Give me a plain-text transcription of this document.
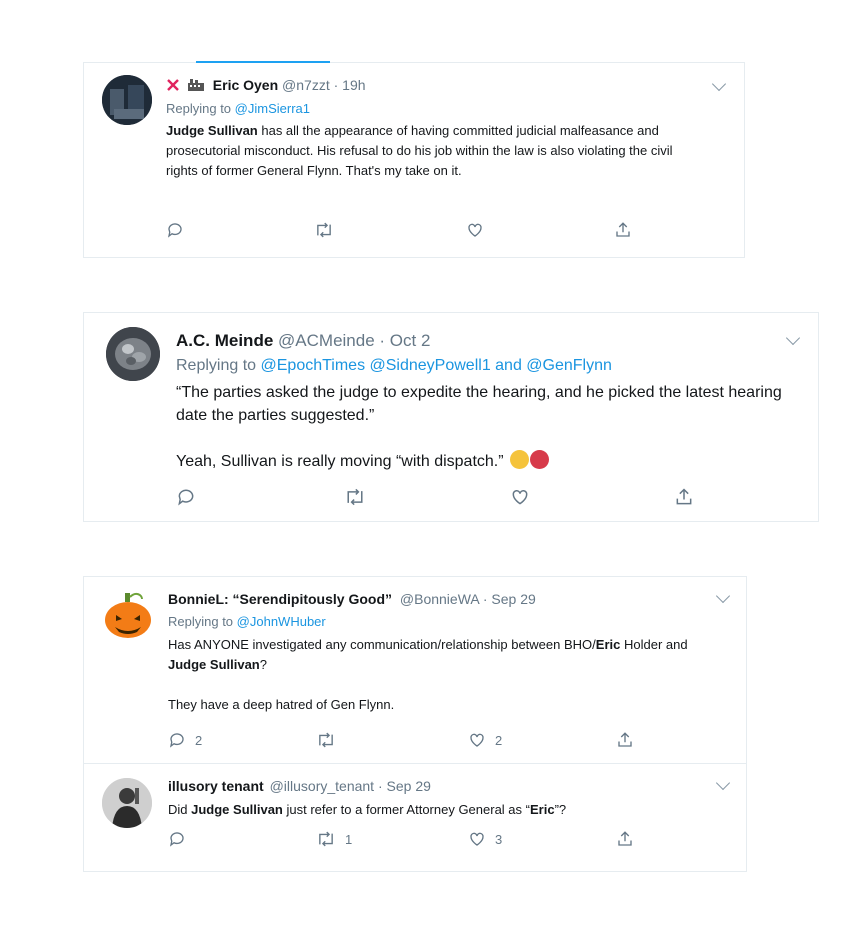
Eric Oyen @n7zzt · 19h
Replying to @JimSierra1
Judge Sullivan has all the appearance of having committed judicial malfeasance and prosecutorial misconduct. His refusal to do his job within the law is also violating the civil rights of former General Flynn. That's my take on it.
A.C. Meinde @ACMeinde · Oct 2
Replying to @EpochTimes @SidneyPowell1 and @GenFlynn
“The parties asked the judge to expedite the hearing, and he picked the latest hearing date the parties suggested.”
Yeah, Sullivan is really moving “with dispatch.”
BonnieL: “Serendipitously Good” @BonnieWA · Sep 29
Replying to @JohnWHuber
Has ANYONE investigated any communication/relationship between BHO/Eric Holder and Judge Sullivan?
They have a deep hatred of Gen Flynn.
2	2
illusory tenant @illusory_tenant · Sep 29
Did Judge Sullivan just refer to a former Attorney General as “Eric”?
1	3
